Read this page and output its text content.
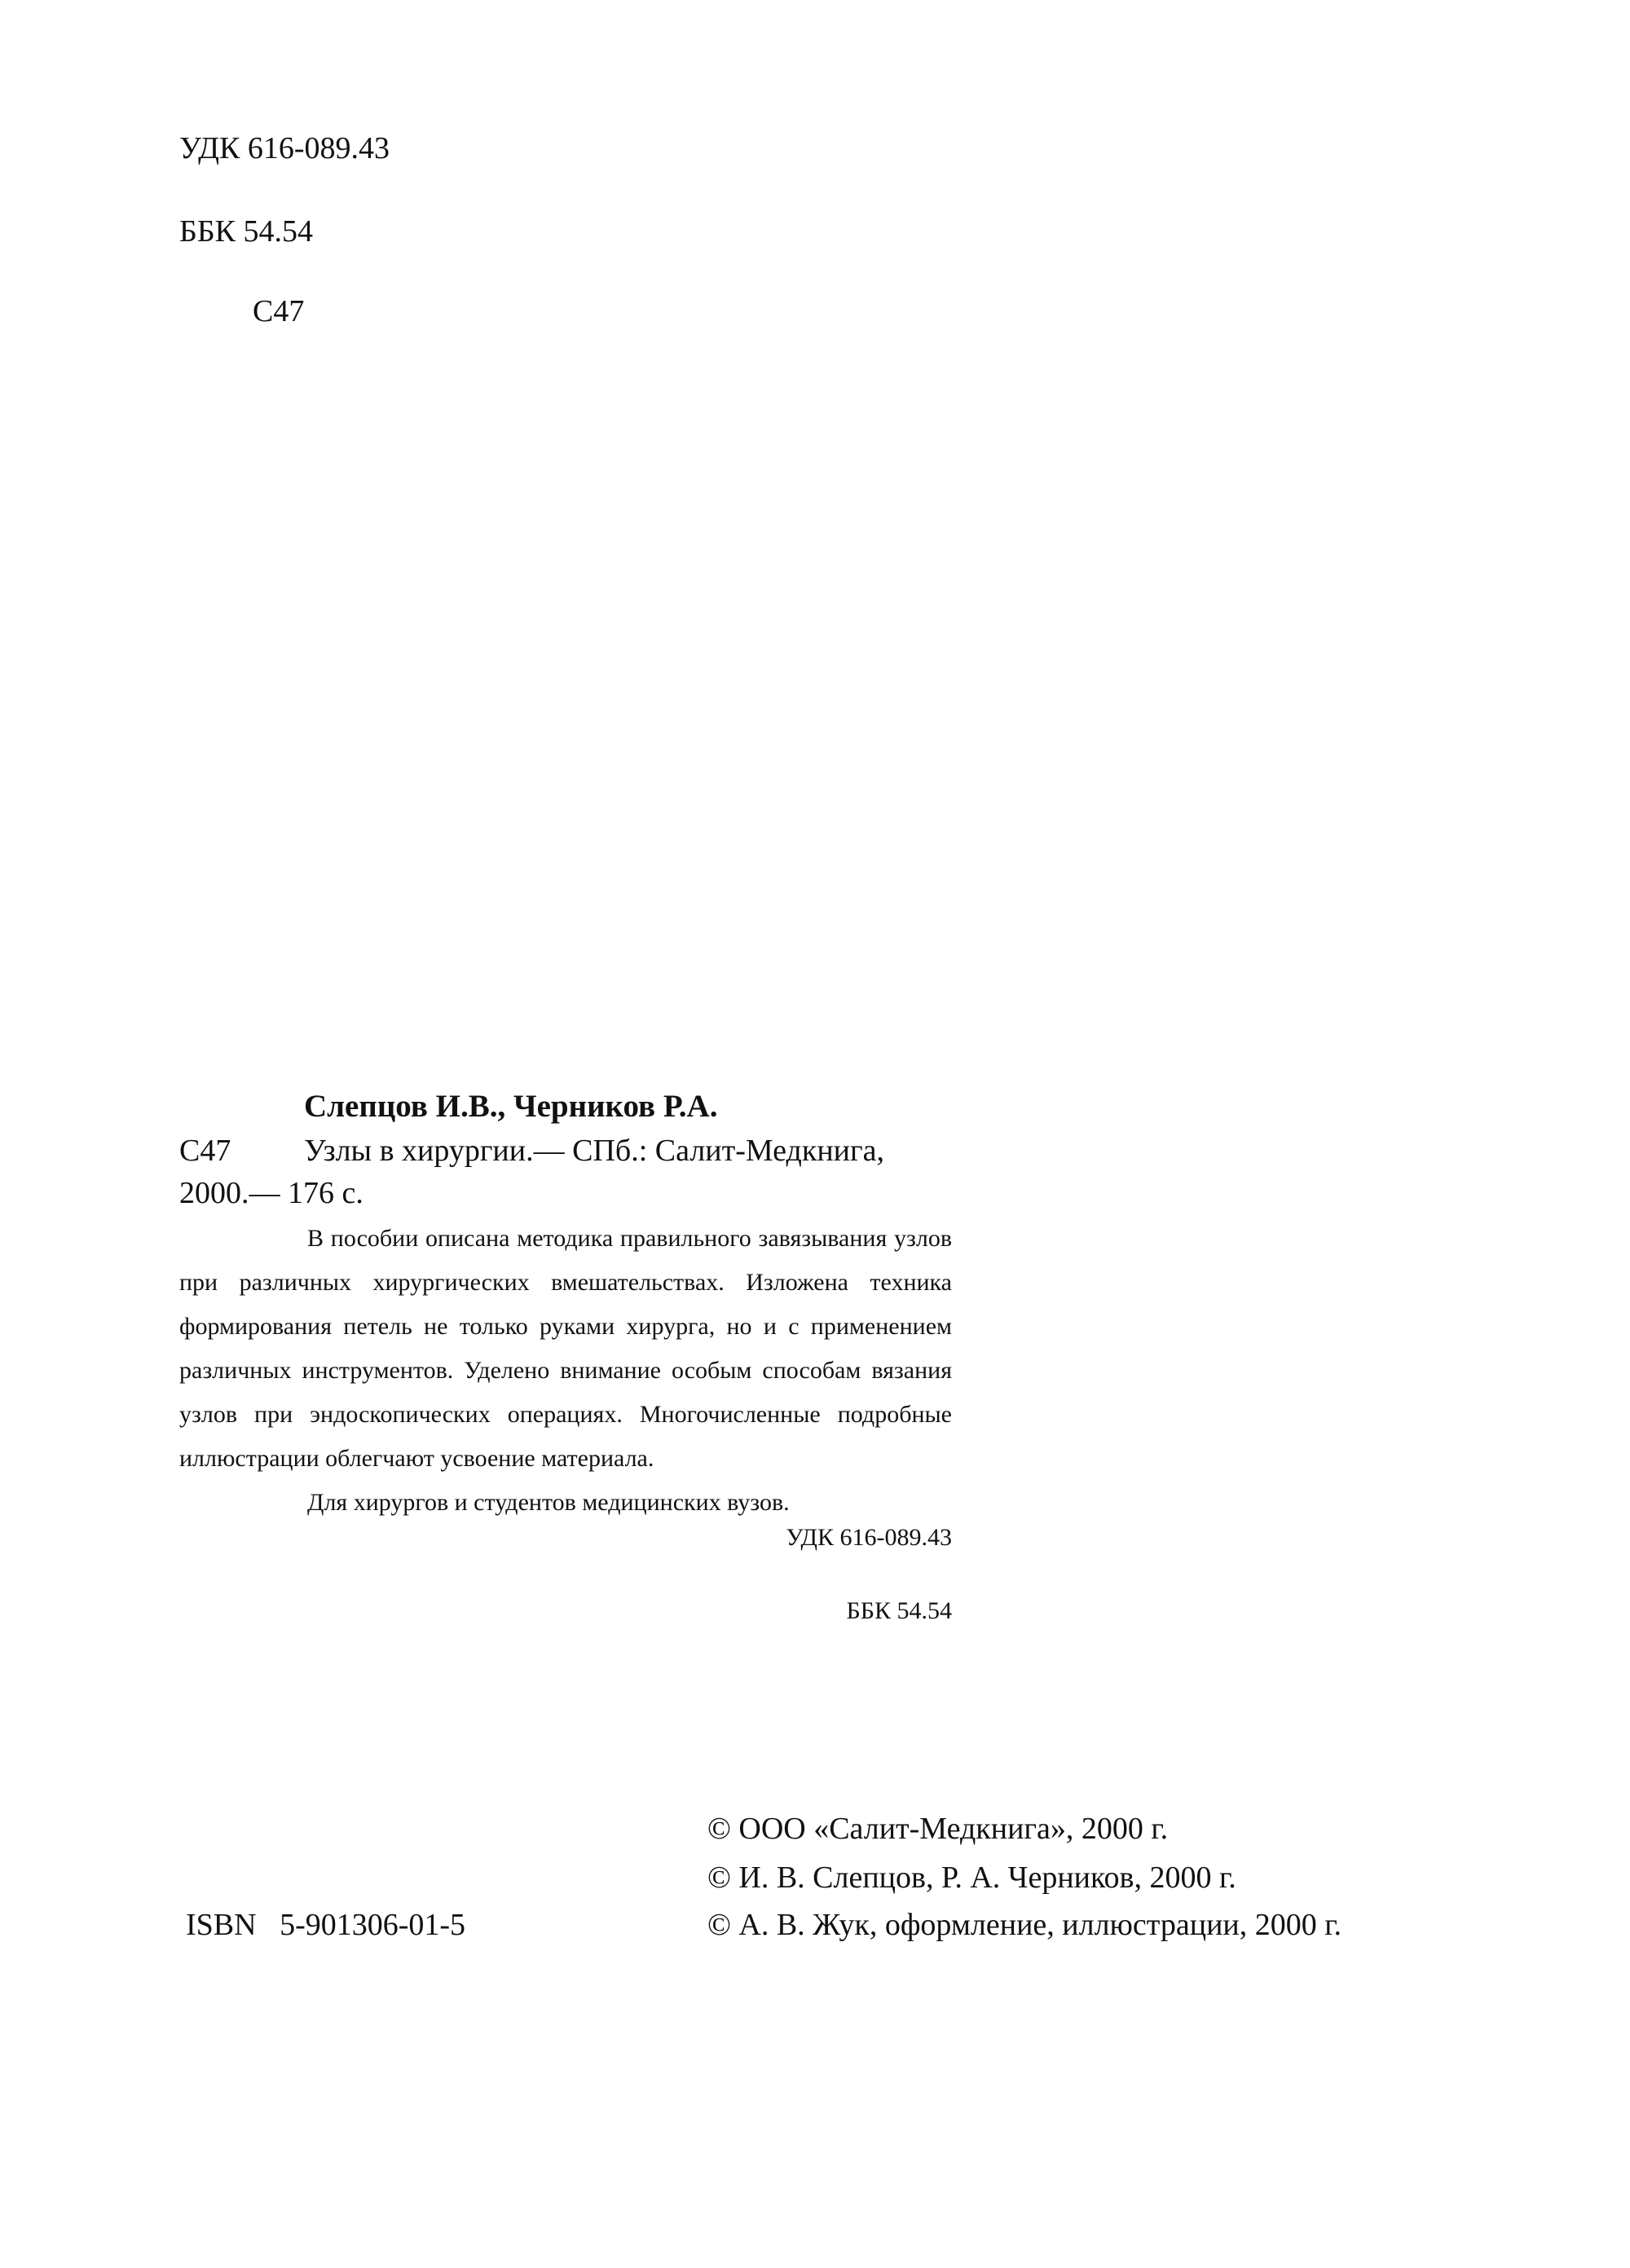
УДК 616-089.43
ББК 54.54
С47
Слепцов И.В., Черников Р.А.
С47 Узлы в хирургии.— СПб.: Салит-Медкнига,
2000.— 176 с.

В пособии описана методика правильного завязывания узлов при различных хирургических вмешательствах. Изложена техника формирования петель не только руками хирурга, но и с применением различных инструментов. Уделено внимание особым способам вязания узлов при эндоскопических операциях. Многочисленные подробные иллюстрации облегчают усвоение материала.

Для хирургов и студентов медицинских вузов.

УДК 616-089.43
ББК 54.54
© ООО «Салит-Медкнига», 2000 г.
© И. В. Слепцов, Р. А. Черников, 2000 г.
© А. В. Жук, оформление, иллюстрации, 2000 г.
ISBN   5-901306-01-5
